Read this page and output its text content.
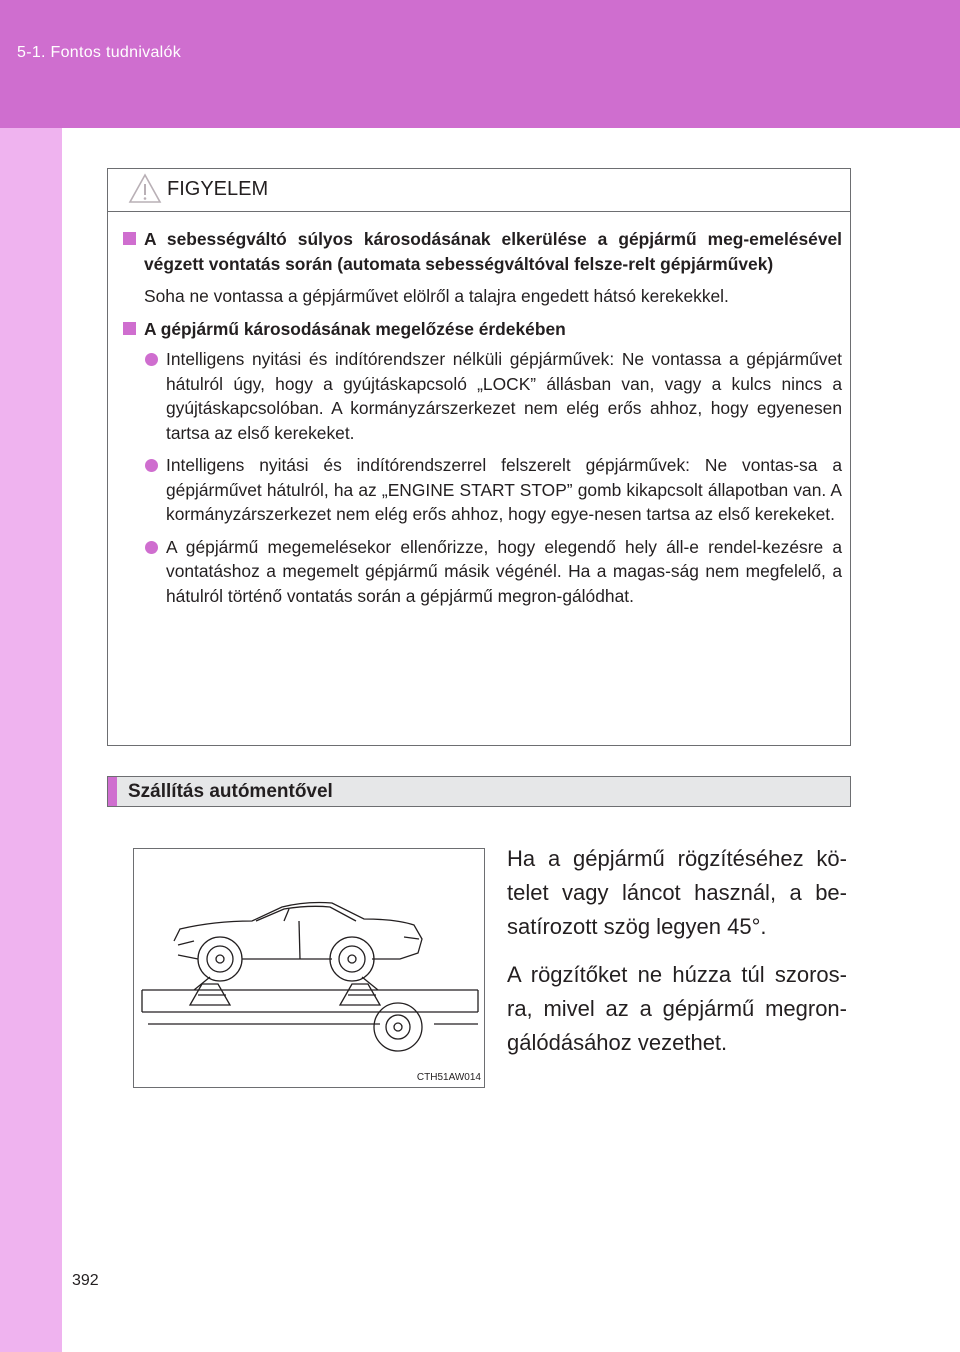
5-1. Fontos tudnivalók
FIGYELEM

A sebességváltó súlyos károsodásának elkerülése a gépjármű meg-emelésével végzett vontatás során (automata sebességváltóval felsze-relt gépjárművek)

Soha ne vontassa a gépjárművet elölről a talajra engedett hátsó kerekekkel.

A gépjármű károsodásának megelőzése érdekében

Intelligens nyitási és indítórendszer nélküli gépjárművek: Ne vontassa a gépjárművet hátulról úgy, hogy a gyújtáskapcsoló „LOCK” állásban van, vagy a kulcs nincs a gyújtáskapcsolóban. A kormányzárszerkezet nem elég erős ahhoz, hogy egyenesen tartsa az első kerekeket.

Intelligens nyitási és indítórendszerrel felszerelt gépjárművek: Ne vontas-sa a gépjárművet hátulról, ha az „ENGINE START STOP” gomb kikapcsolt állapotban van. A kormányzárszerkezet nem elég erős ahhoz, hogy egye-nesen tartsa az első kerekeket.

A gépjármű megemelésekor ellenőrizze, hogy elegendő hely áll-e rendel-kezésre a vontatáshoz a megemelt gépjármű másik végénél. Ha a magas-ság nem megfelelő, a hátulról történő vontatás során a gépjármű megron-gálódhat.

Szállítás autómentővel
CTH51AW014

Ha a gépjármű rögzítéséhez kö-telet vagy láncot használ, a be-satírozott szög legyen 45°.

A rögzítőket ne húzza túl szoros-ra, mivel az a gépjármű megron-gálódásához vezethet.

392
